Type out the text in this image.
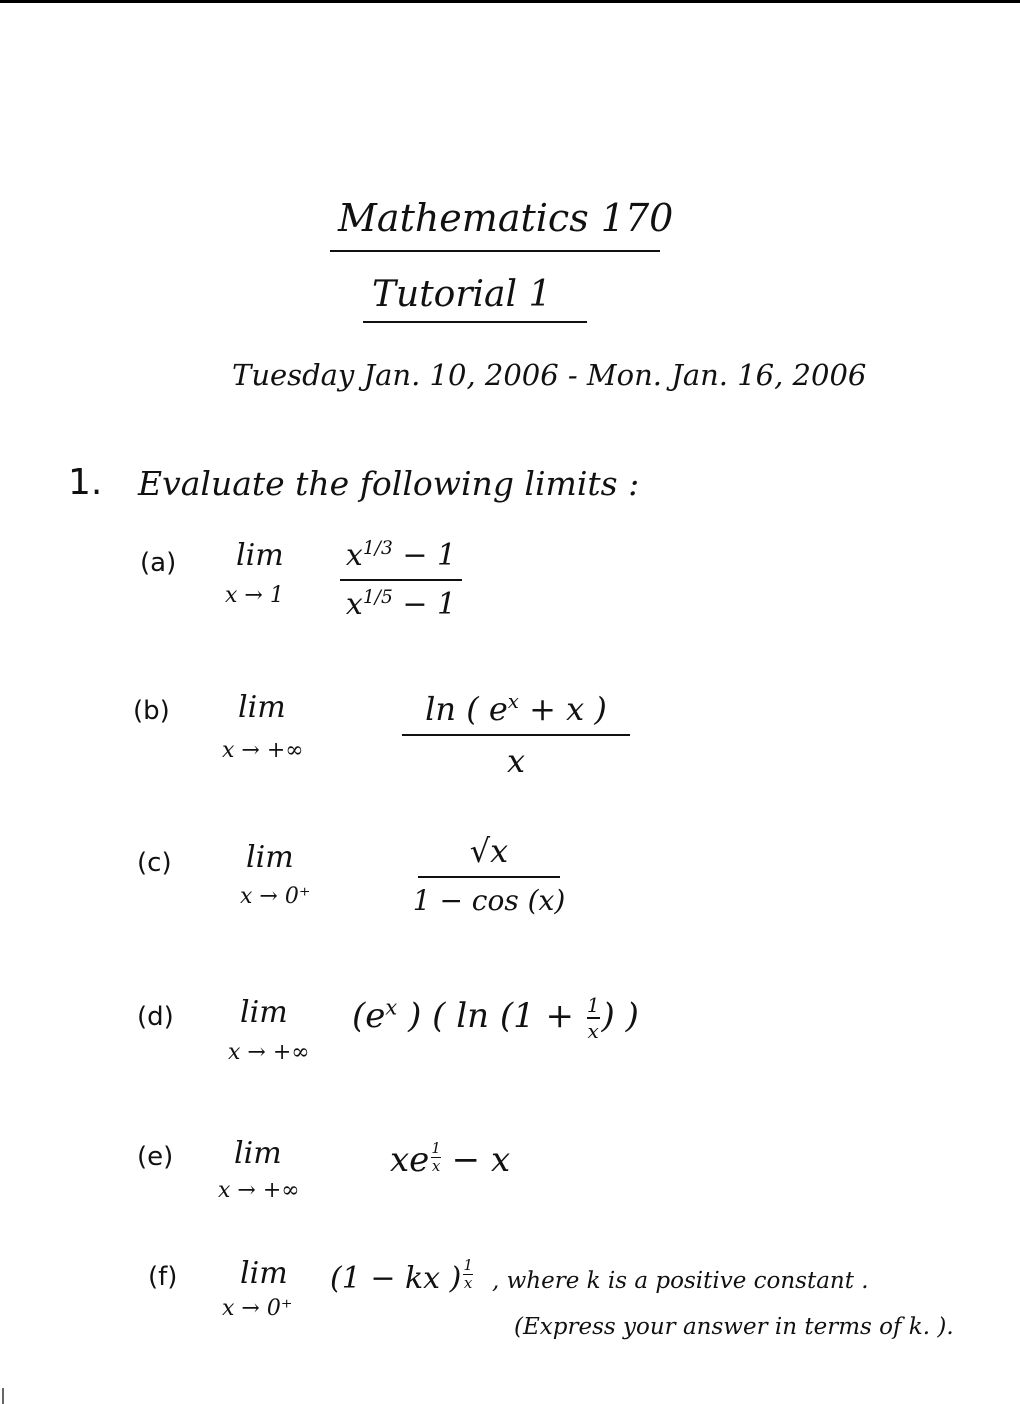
Mathematics 170
Tutorial 1
Tuesday Jan. 10, 2006 - Mon. Jan. 16, 2006
1. Evaluate the following limits :
(a) lim
x → 1
$x^{1/3} - 1$
$x^{1/5} - 1$
(b) lim
x → +∞
ln ( $e^x + x$ )
x
(c) lim
x → 0⁺
√x
1 − cos (x)
(d) lim
x → +∞
($e^x$ ) ( $\ln (1 + \frac{1}{x}$ ) )
(e) lim
x → +∞
xe $\frac{1}{x} - x$
(f) lim
x → 0⁺
(1 − kx ) $\frac{1}{x}$ , where k is a positive constant .
(Express your answer in terms of k. ).
